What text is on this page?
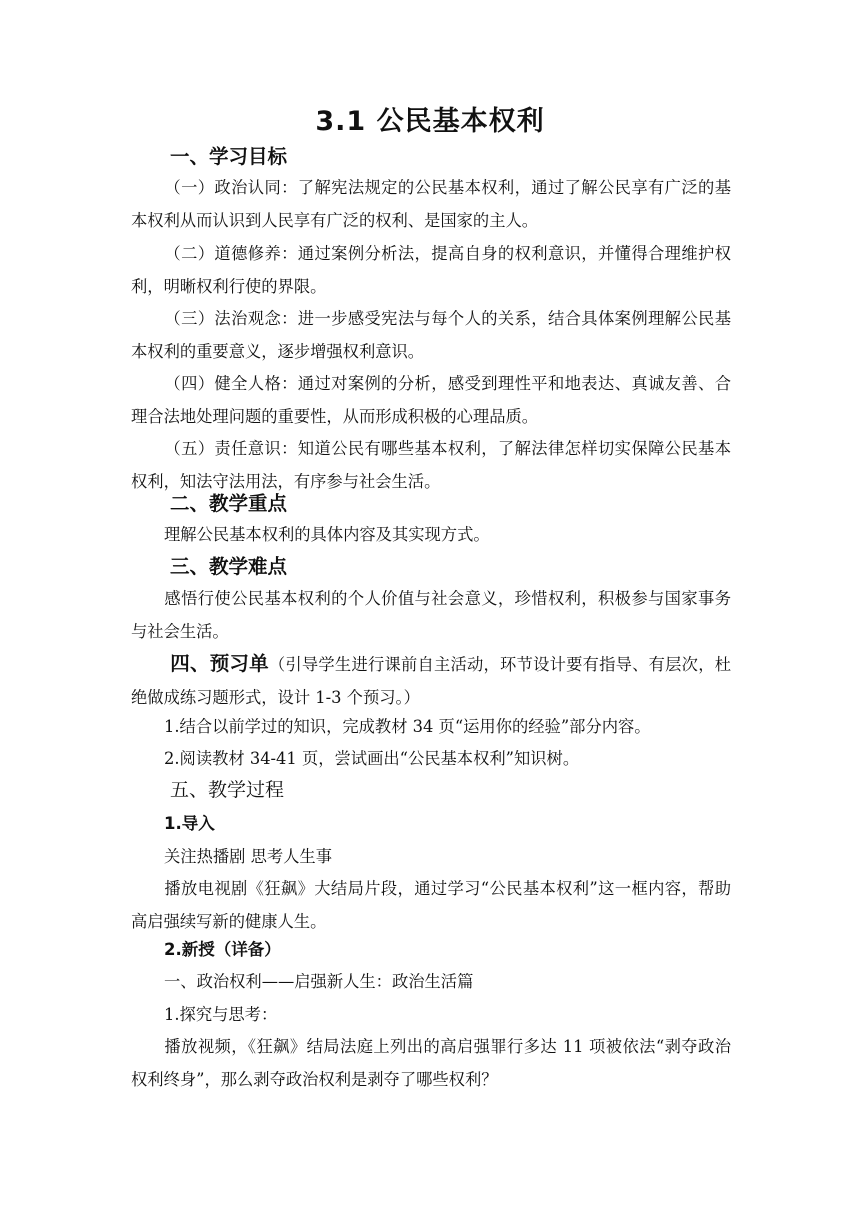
3.1 公民基本权利
一、学习目标
（一）政治认同：了解宪法规定的公民基本权利，通过了解公民享有广泛的基本权利从而认识到人民享有广泛的权利、是国家的主人。
（二）道德修养：通过案例分析法，提高自身的权利意识，并懂得合理维护权利，明晰权利行使的界限。
（三）法治观念：进一步感受宪法与每个人的关系，结合具体案例理解公民基本权利的重要意义，逐步增强权利意识。
（四）健全人格：通过对案例的分析，感受到理性平和地表达、真诚友善、合理合法地处理问题的重要性，从而形成积极的心理品质。
（五）责任意识：知道公民有哪些基本权利，了解法律怎样切实保障公民基本权利，知法守法用法，有序参与社会生活。
二、教学重点
理解公民基本权利的具体内容及其实现方式。
三、教学难点
感悟行使公民基本权利的个人价值与社会意义，珍惜权利，积极参与国家事务与社会生活。
四、预习单（引导学生进行课前自主活动，环节设计要有指导、有层次，杜绝做成练习题形式，设计 1-3 个预习。）
1.结合以前学过的知识，完成教材 34 页“运用你的经验”部分内容。
2.阅读教材 34-41 页，尝试画出“公民基本权利”知识树。
五、教学过程
1.导入
关注热播剧 思考人生事
播放电视剧《狂飙》大结局片段，通过学习“公民基本权利”这一框内容，帮助高启强续写新的健康人生。
2.新授（详备）
一、政治权利——启强新人生：政治生活篇
1.探究与思考：
播放视频，《狂飙》结局法庭上列出的高启强罪行多达 11 项被依法“剥夺政治权利终身”，那么剥夺政治权利是剥夺了哪些权利？
